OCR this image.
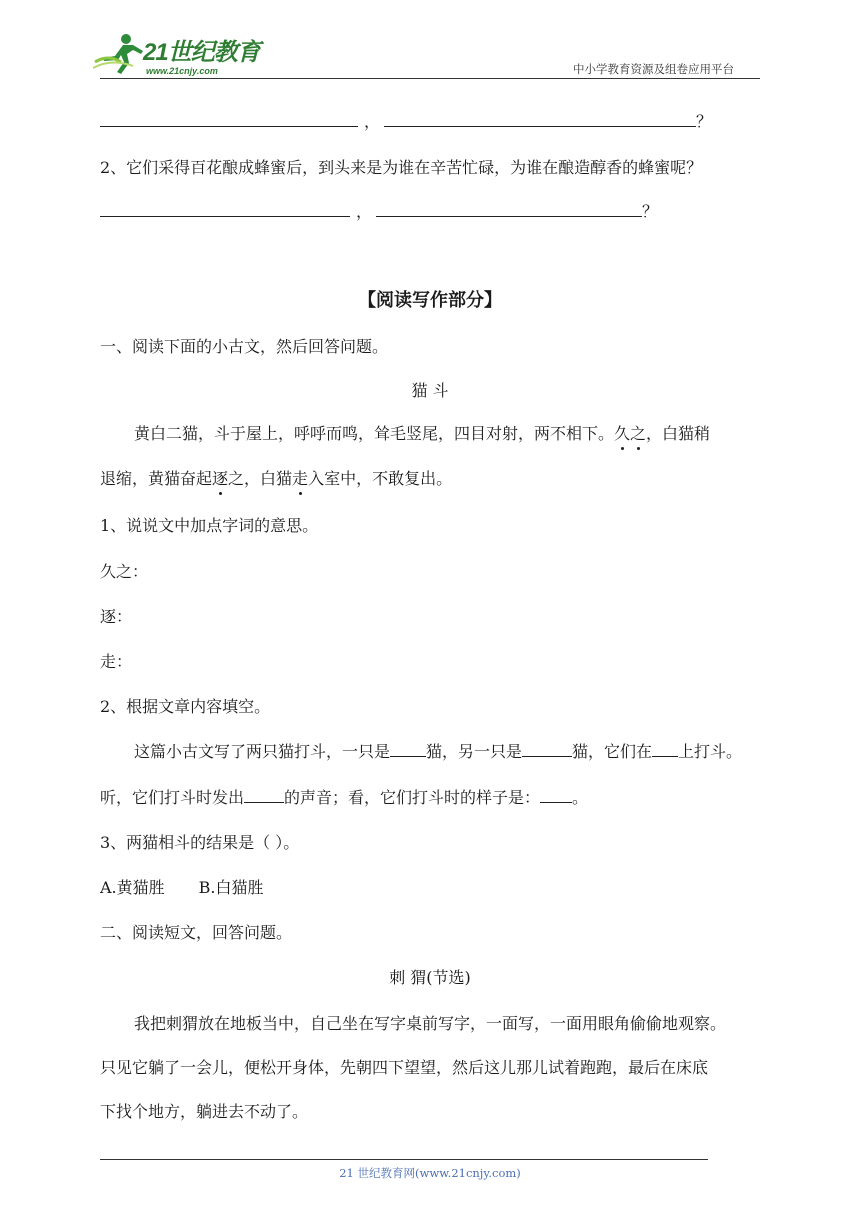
21世纪教育
www.21cnjy.com	中小学教育资源及组卷应用平台
，	？
2、它们采得百花酿成蜂蜜后，到头来是为谁在辛苦忙碌，为谁在酿造醇香的蜂蜜呢？
，	？
【阅读写作部分】
一、阅读下面的小古文，然后回答问题。
猫 斗
黄白二猫，斗于屋上，呼呼而鸣，耸毛竖尾，四目对射，两不相下。久之，白猫稍
退缩，黄猫奋起逐之，白猫走入室中，不敢复出。
1、说说文中加点字词的意思。
久之：
逐：
走：
2、根据文章内容填空。
这篇小古文写了两只猫打斗，一只是 猫，另一只是	猫，它们在 上打斗。
听，它们打斗时发出	的声音；看，它们打斗时的样子是： 。
3、两猫相斗的结果是（ ）。
A.黄猫胜 B.白猫胜
二、阅读短文，回答问题。
刺 猬(节选)
我把刺猬放在地板当中，自己坐在写字桌前写字，一面写，一面用眼角偷偷地观察。
只见它躺了一会儿，便松开身体，先朝四下望望，然后这儿那儿试着跑跑，最后在床底
下找个地方，躺进去不动了。
21 世纪教育网(www.21cnjy.com)
